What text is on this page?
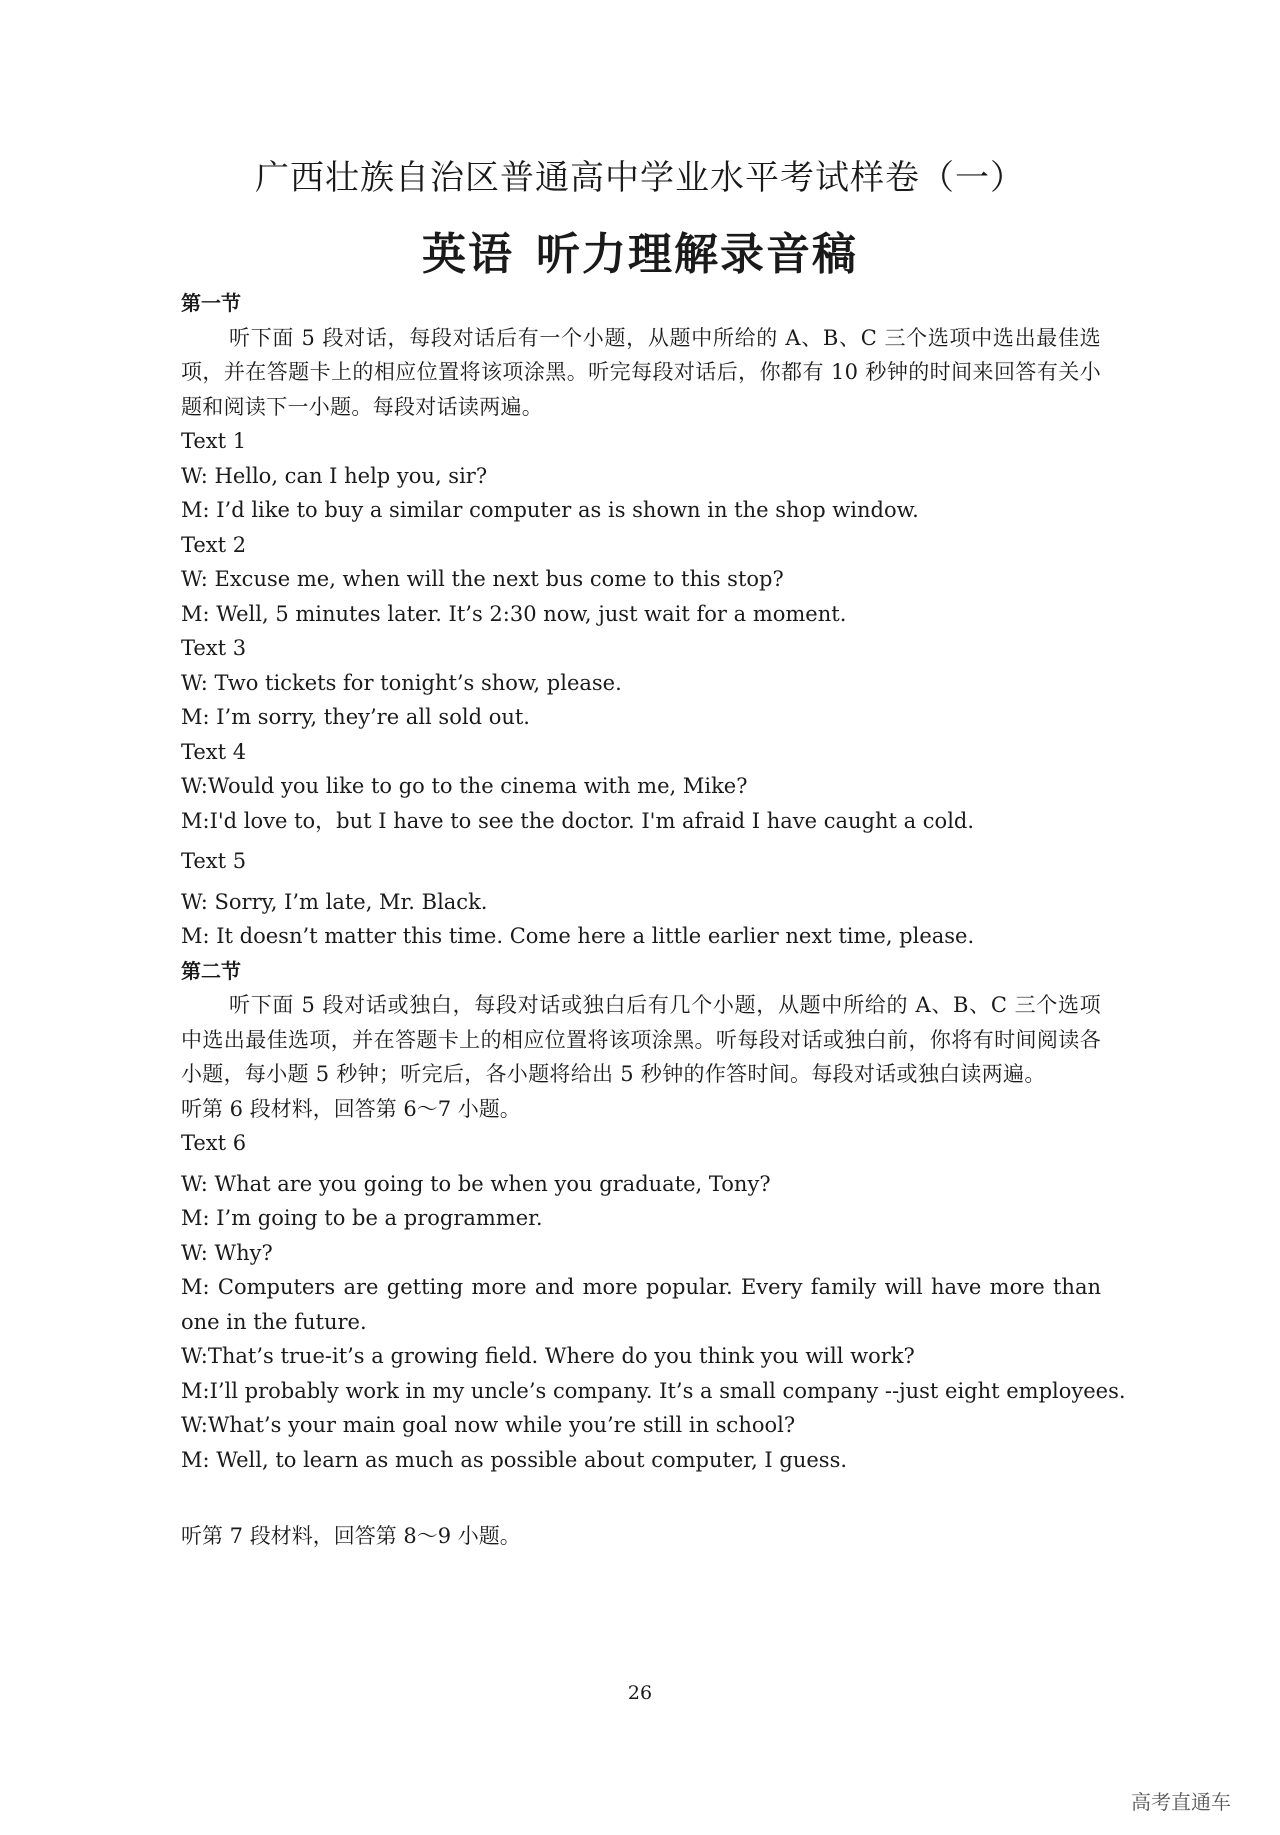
广西壮族自治区普通高中学业水平考试样卷（一）
英语 听力理解录音稿
第一节
听下面 5 段对话，每段对话后有一个小题，从题中所给的 A、B、C 三个选项中选出最佳选项，并在答题卡上的相应位置将该项涂黑。听完每段对话后，你都有 10 秒钟的时间来回答有关小题和阅读下一小题。每段对话读两遍。
Text 1
W: Hello, can I help you, sir?
M: I’d like to buy a similar computer as is shown in the shop window.
Text 2
W: Excuse me, when will the next bus come to this stop?
M: Well, 5 minutes later. It’s 2:30 now, just wait for a moment.
Text 3
W: Two tickets for tonight’s show, please.
M: I’m sorry, they’re all sold out.
Text 4
W:Would you like to go to the cinema with me, Mike?
M:I'd love to，but I have to see the doctor. I'm afraid I have caught a cold.
Text 5
W: Sorry, I’m late, Mr. Black.
M: It doesn’t matter this time. Come here a little earlier next time, please.
第二节
听下面 5 段对话或独白，每段对话或独白后有几个小题，从题中所给的 A、B、C 三个选项中选出最佳选项，并在答题卡上的相应位置将该项涂黑。听每段对话或独白前，你将有时间阅读各小题，每小题 5 秒钟；听完后，各小题将给出 5 秒钟的作答时间。每段对话或独白读两遍。
听第 6 段材料，回答第 6～7 小题。
Text 6
W: What are you going to be when you graduate, Tony?
M: I’m going to be a programmer.
W: Why?
M: Computers are getting more and more popular. Every family will have more than one in the future.
W:That’s true-it’s a growing field. Where do you think you will work?
M:I’ll probably work in my uncle’s company. It’s a small company --just eight employees.
W:What’s your main goal now while you’re still in school?
M: Well, to learn as much as possible about computer, I guess.
听第 7 段材料，回答第 8～9 小题。
26
高考直通车
